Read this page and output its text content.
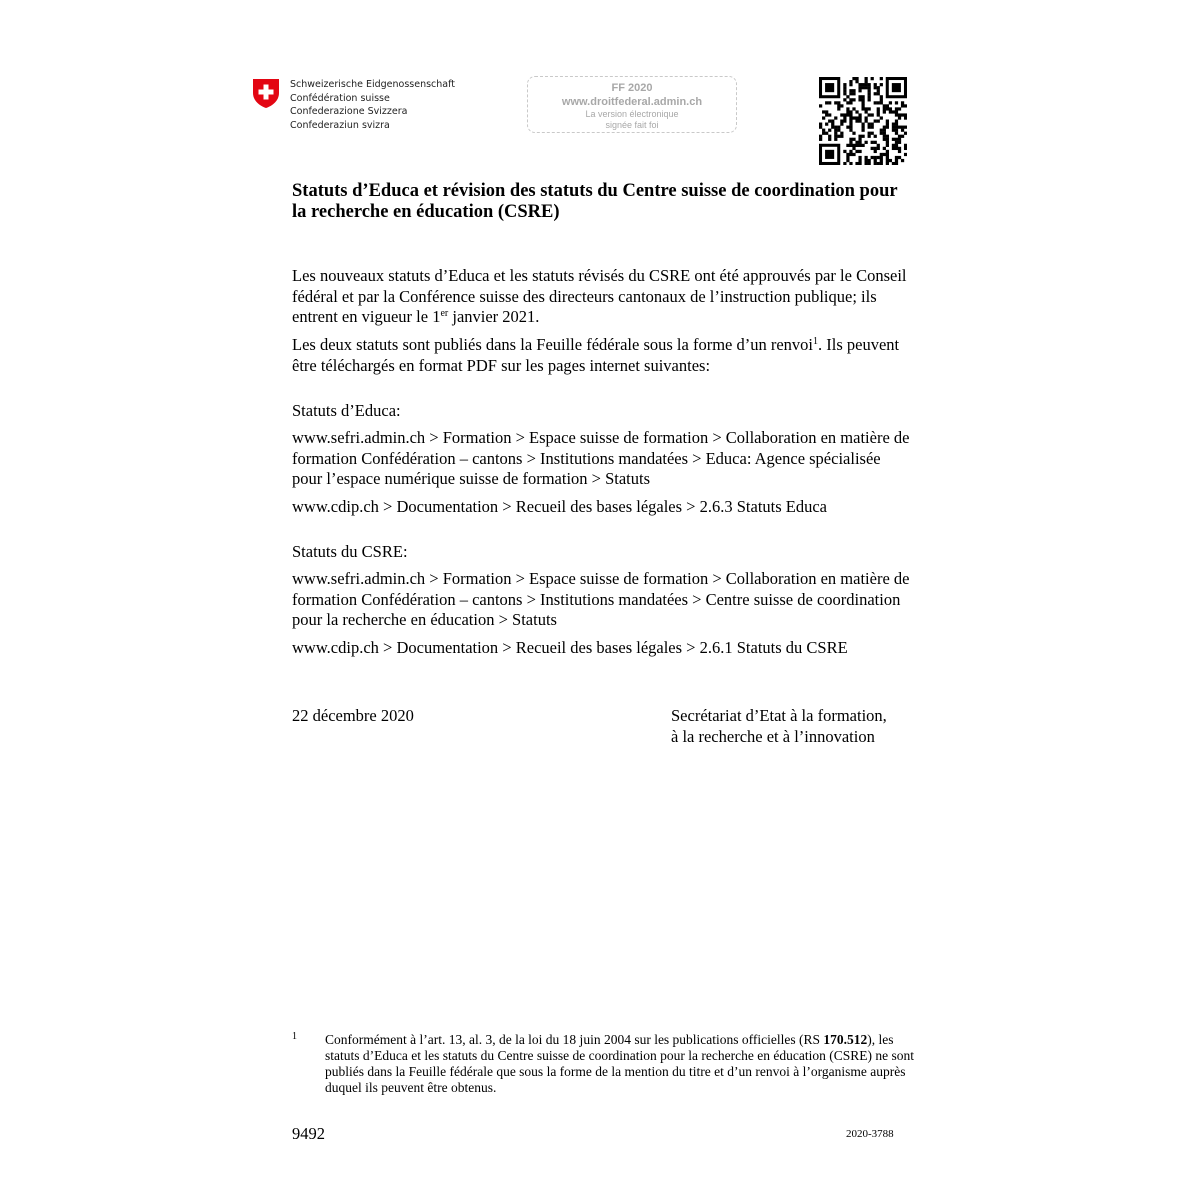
Schweizerische Eidgenossenschaft
Confédération suisse
Confederazione Svizzera
Confederaziun svizra
FF 2020
www.droitfederal.admin.ch
La version électronique
signée fait foi
Statuts d’Educa et révision des statuts du Centre suisse de coordination pour la recherche en éducation (CSRE)
Les nouveaux statuts d’Educa et les statuts révisés du CSRE ont été approuvés par le Conseil fédéral et par la Conférence suisse des directeurs cantonaux de l’instruction publique; ils entrent en vigueur le 1er janvier 2021.
Les deux statuts sont publiés dans la Feuille fédérale sous la forme d’un renvoi$^1$. Ils peuvent être téléchargés en format PDF sur les pages internet suivantes:
Statuts d’Educa:
www.sefri.admin.ch > Formation > Espace suisse de formation > Collaboration en matière de formation Confédération – cantons > Institutions mandatées > Educa: Agence spécialisée pour l’espace numérique suisse de formation > Statuts
www.cdip.ch > Documentation > Recueil des bases légales > 2.6.3 Statuts Educa
Statuts du CSRE:
www.sefri.admin.ch > Formation > Espace suisse de formation > Collaboration en matière de formation Confédération – cantons > Institutions mandatées > Centre suisse de coordination pour la recherche en éducation > Statuts
www.cdip.ch > Documentation > Recueil des bases légales > 2.6.1 Statuts du CSRE
22 décembre 2020	Secrétariat d’Etat à la formation,
à la recherche et à l’innovation
1 Conformément à l’art. 13, al. 3, de la loi du 18 juin 2004 sur les publications officielles (RS 170.512), les statuts d’Educa et les statuts du Centre suisse de coordination pour la recherche en éducation (CSRE) ne sont publiés dans la Feuille fédérale que sous la forme de la mention du titre et d’un renvoi à l’organisme auprès duquel ils peuvent être obtenus.
9492	2020-3788
